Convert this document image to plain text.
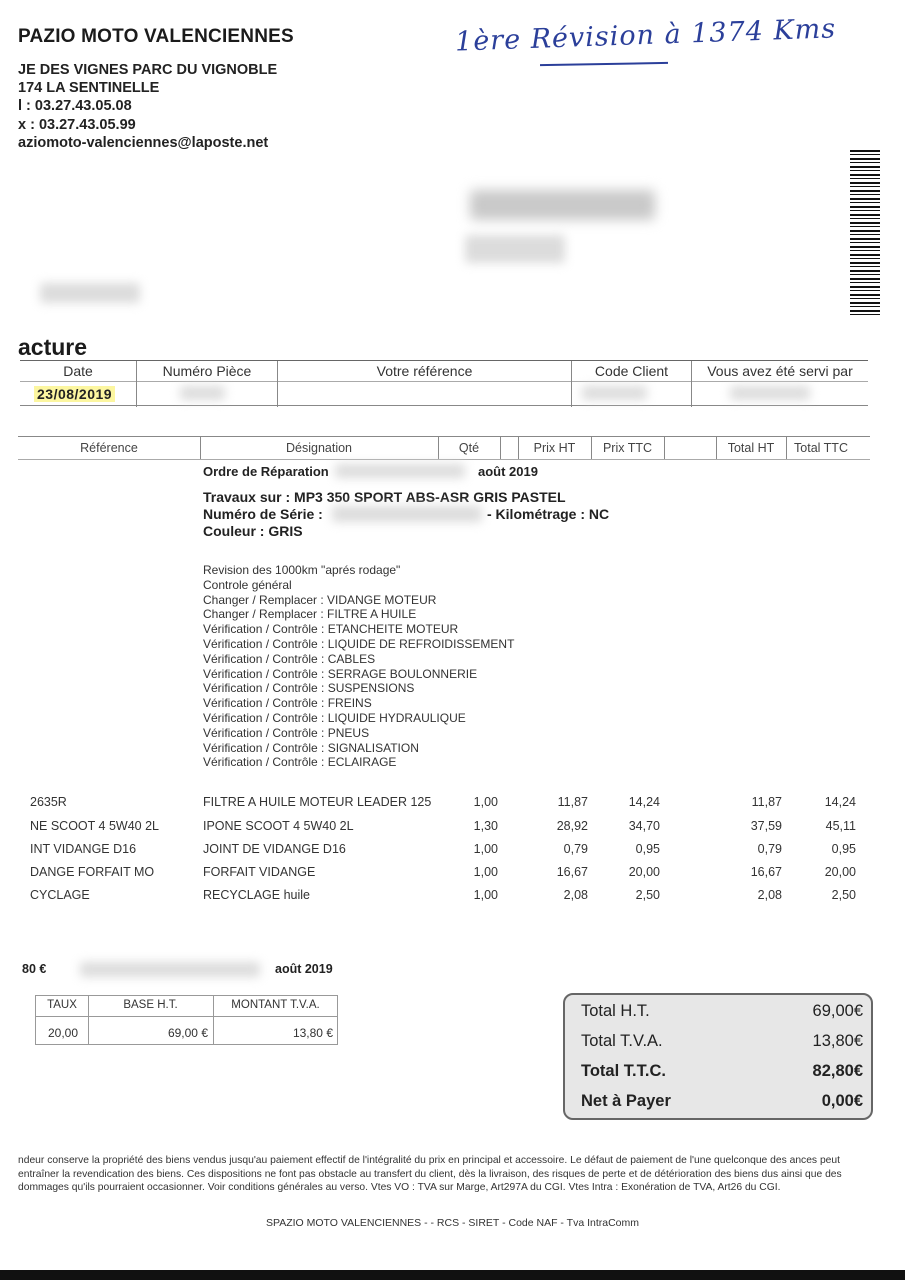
PAZIO MOTO VALENCIENNES
JE DES VIGNES PARC DU VIGNOBLE
174 LA SENTINELLE
l : 03.27.43.05.08
x : 03.27.43.05.99
aziomoto-valenciennes@laposte.net
1ère Révision à 1374 Kms
acture
Date	Numéro Pièce	Votre référence	Code Client	Vous avez été servi par
23/08/2019
Référence	Désignation	Qté	Prix HT	Prix TTC	Total HT	Total TTC
Ordre de Réparation	août 2019
Travaux sur : MP3 350 SPORT ABS-ASR GRIS PASTEL
Numéro de Série :	- Kilométrage : NC
Couleur : GRIS
Revision des 1000km "aprés rodage"
Controle général
Changer / Remplacer : VIDANGE MOTEUR
Changer / Remplacer : FILTRE A HUILE
Vérification / Contrôle : ETANCHEITE MOTEUR
Vérification / Contrôle : LIQUIDE DE REFROIDISSEMENT
Vérification / Contrôle : CABLES
Vérification / Contrôle : SERRAGE BOULONNERIE
Vérification / Contrôle : SUSPENSIONS
Vérification / Contrôle : FREINS
Vérification / Contrôle : LIQUIDE HYDRAULIQUE
Vérification / Contrôle : PNEUS
Vérification / Contrôle : SIGNALISATION
Vérification / Contrôle : ECLAIRAGE
2635R	FILTRE A HUILE MOTEUR LEADER 125	1,00	11,87	14,24	11,87	14,24
NE SCOOT 4 5W40 2L	IPONE SCOOT 4 5W40 2L	1,30	28,92	34,70	37,59	45,11
INT VIDANGE D16	JOINT DE VIDANGE D16	1,00	0,79	0,95	0,79	0,95
DANGE FORFAIT MO	FORFAIT VIDANGE	1,00	16,67	20,00	16,67	20,00
CYCLAGE	RECYCLAGE huile	1,00	2,08	2,50	2,08	2,50
80 €	août 2019
TAUX	BASE H.T.	MONTANT T.V.A.
20,00	69,00 €	13,80 €
Total H.T.	69,00€
Total T.V.A.	13,80€
Total T.T.C.	82,80€
Net à Payer	0,00€
ndeur conserve la propriété des biens vendus jusqu'au paiement effectif de l'intégralité du prix en principal et accessoire. Le défaut de paiement de l'une quelconque des ances peut entraîner la revendication des biens. Ces dispositions ne font pas obstacle au transfert du client, dès la livraison, des risques de perte et de détérioration des biens dus ainsi que des dommages qu'ils pourraient occasionner. Voir conditions générales au verso. Vtes VO : TVA sur Marge, Art297A du CGI. Vtes Intra : Exonération de TVA, Art26 du CGI.
SPAZIO MOTO VALENCIENNES - - RCS - SIRET - Code NAF - Tva IntraComm
